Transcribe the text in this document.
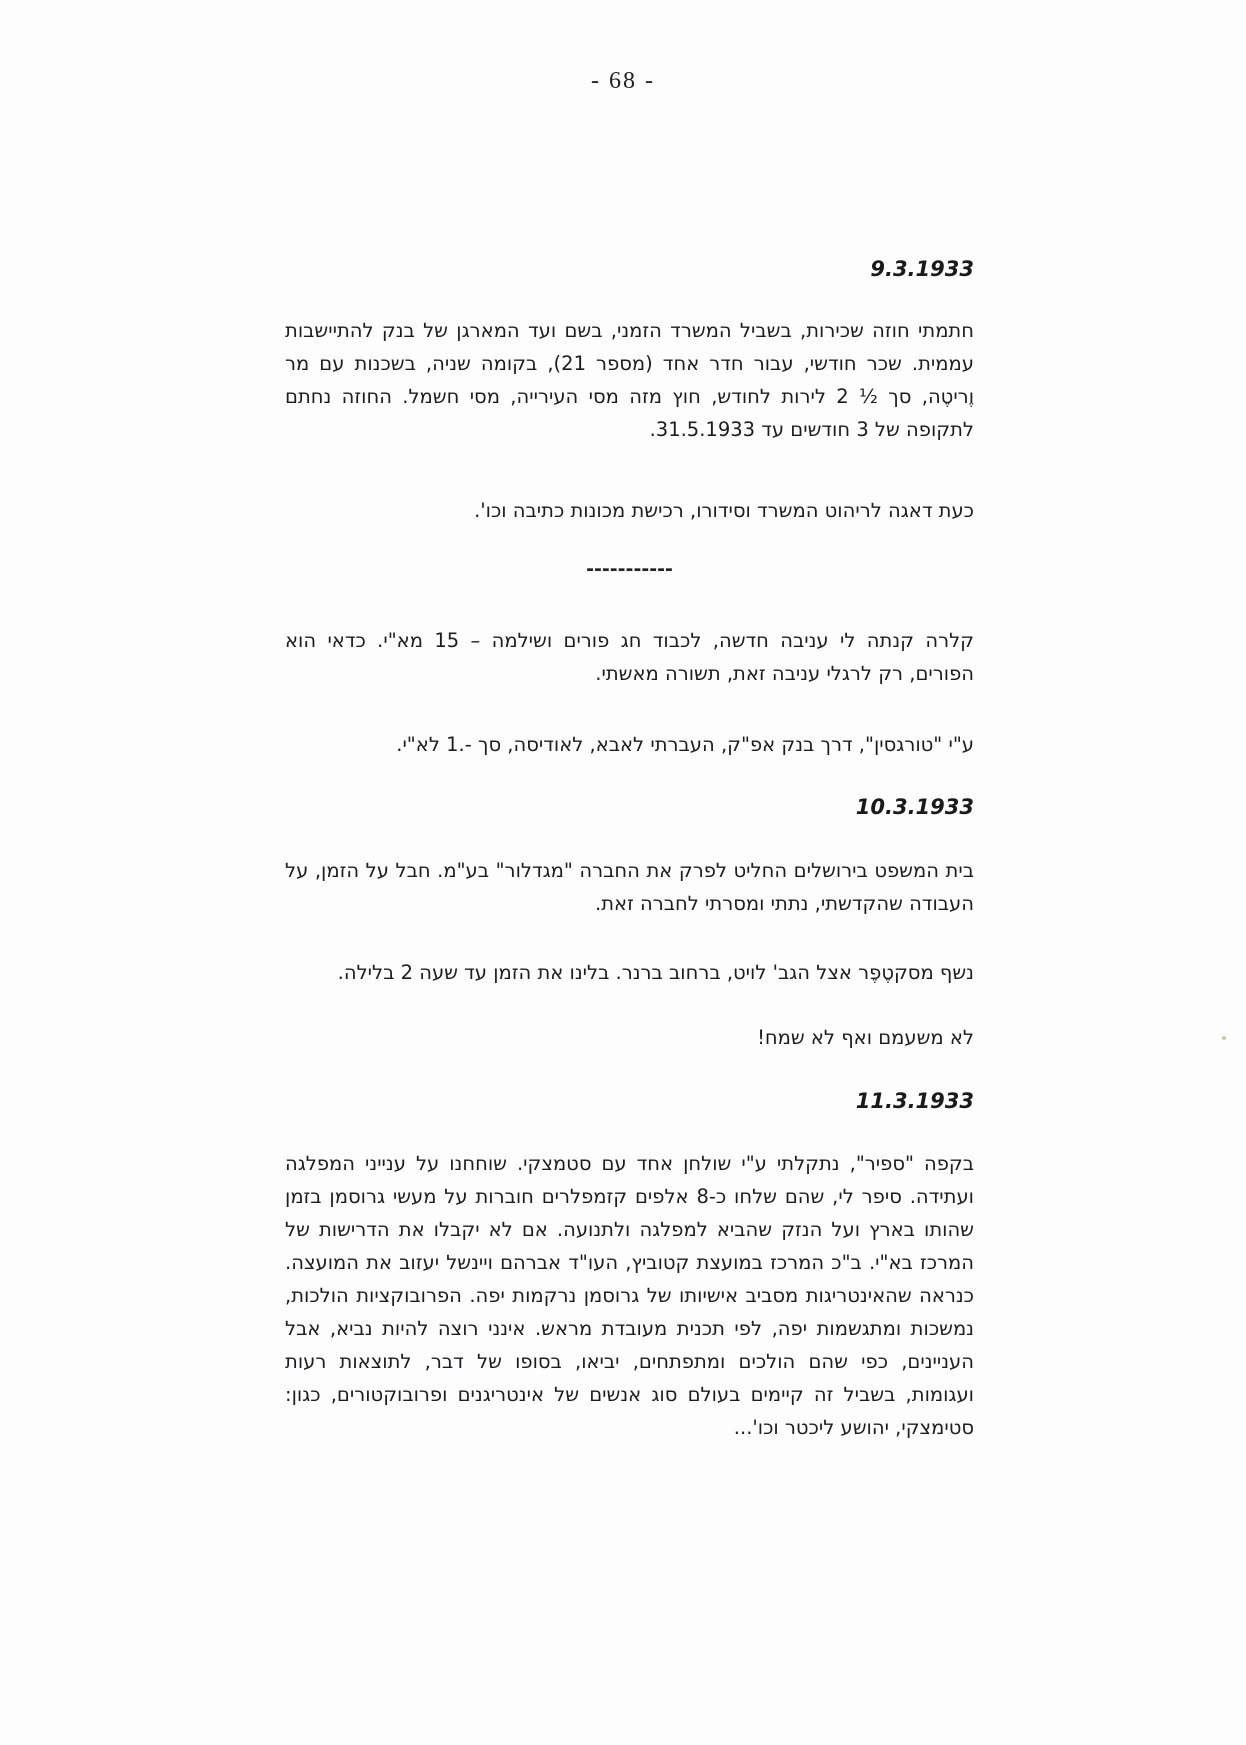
- 68 -
9.3.1933
חתמתי חוזה שכירות, בשביל המשרד הזמני, בשם ועד המארגן של בנק להתיישבות עממית. שכר חודשי, עבור חדר אחד (מספר 21), בקומה שניה, בשכנות עם מר וֶריטֶה, סך ½ 2 לירות לחודש, חוץ מזה מסי העירייה, מסי חשמל. החוזה נחתם לתקופה של 3 חודשים עד 31.5.1933.
כעת דאגה לריהוט המשרד וסידורו, רכישת מכונות כתיבה וכו'.
-----------
קלרה קנתה לי עניבה חדשה, לכבוד חג פורים ושילמה – 15 מא"י. כדאי הוא הפורים, רק לרגלי עניבה זאת, תשורה מאשתי.
ע"י "טורגסין", דרך בנק אפ"ק, העברתי לאבא, לאודיסה, סך -.1 לא"י.
10.3.1933
בית המשפט בירושלים החליט לפרק את החברה "מגדלור" בע"מ. חבל על הזמן, על העבודה שהקדשתי, נתתי ומסרתי לחברה זאת.
נשף מסקטֶפֶר אצל הגב' לויט, ברחוב ברנר. בלינו את הזמן עד שעה 2 בלילה.
לא משעמם ואף לא שמח!
11.3.1933
בקפה "ספיר", נתקלתי ע"י שולחן אחד עם סטמצקי. שוחחנו על ענייני המפלגה ועתידה. סיפר לי, שהם שלחו כ-8 אלפים קזמפלרים חוברות על מעשי גרוסמן בזמן שהותו בארץ ועל הנזק שהביא למפלגה ולתנועה. אם לא יקבלו את הדרישות של המרכז בא"י. ב"כ המרכז במועצת קטוביץ, העו"ד אברהם ויינשל יעזוב את המועצה. כנראה שהאינטריגות מסביב אישיותו של גרוסמן נרקמות יפה. הפרובוקציות הולכות, נמשכות ומתגשמות יפה, לפי תכנית מעובדת מראש. אינני רוצה להיות נביא, אבל העניינים, כפי שהם הולכים ומתפתחים, יביאו, בסופו של דבר, לתוצאות רעות ועגומות, בשביל זה קיימים בעולם סוג אנשים של אינטריגנים ופרובוקטורים, כגון: סטימצקי, יהושע ליכטר וכו'...
